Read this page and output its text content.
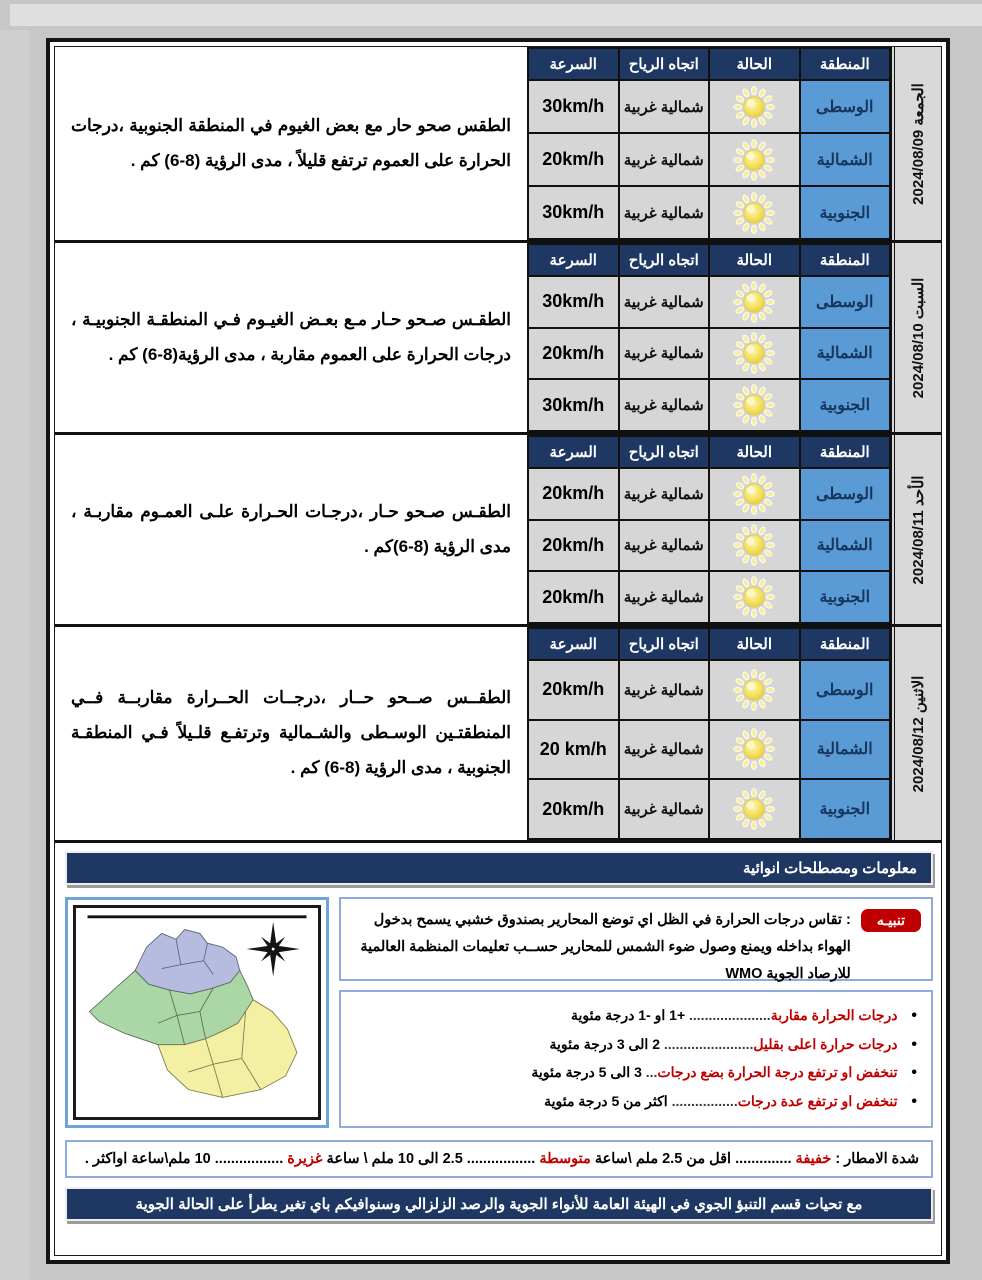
الجمعة 2024/08/09
المنطقة	الحالة	اتجاه الرياح	السرعة
الوسطى		شمالية غربية	30km/h
الشمالية		شمالية غربية	20km/h
الجنوبية		شمالية غربية	30km/h

الطقس صحو حار مع بعض الغيوم في المنطقة الجنوبية ،درجات الحرارة على العموم ترتفع قليلاً ، مدى الرؤية (8-6) كم .

السبت 2024/08/10
المنطقة	الحالة	اتجاه الرياح	السرعة
الوسطى		شمالية غربية	30km/h
الشمالية		شمالية غربية	20km/h
الجنوبية		شمالية غربية	30km/h

الطقـس صـحو حـار مـع بعـض الغيـوم فـي المنطقـة الجنوبيـة ، درجات الحرارة على العموم مقاربة ، مدى الرؤية(8-6) كم .

الأحد 2024/08/11
المنطقة	الحالة	اتجاه الرياح	السرعة
الوسطى		شمالية غربية	20km/h
الشمالية		شمالية غربية	20km/h
الجنوبية		شمالية غربية	20km/h

الطقـس صـحو حـار ،درجـات الحـرارة علـى العمـوم مقاربـة ، مدى الرؤية (8-6)كم .

الاثنين 2024/08/12
المنطقة	الحالة	اتجاه الرياح	السرعة
الوسطى		شمالية غربية	20km/h
الشمالية		شمالية غربية	20 km/h
الجنوبية		شمالية غربية	20km/h

الطقــس صــحو حــار ،درجــات الحــرارة مقاربــة فــي المنطقتـين الوسـطى والشـمالية وترتفـع قلـيلاً فـي المنطقـة الجنوبية ، مدى الرؤية (8-6) كم .

معلومات ومصطلحات انوائية
تنبيـه
: تقاس درجات الحرارة في الظل اي توضع المحارير بصندوق خشبي يسمح بدخول الهواء بداخله ويمنع وصول ضوء الشمس للمحارير حســب تعليمات المنظمة العالمية للارصاد الجوية WMO
• درجات الحرارة مقاربة..................... +1 او -1 درجة مئوية
• درجات حرارة اعلى بقليل....................... 2 الى 3 درجة مئوية
• تنخفض او ترتفع درجة الحرارة بضع درجات... 3 الى 5 درجة مئوية
• تنخفض او ترتفع عدة درجات................. اكثر من 5 درجة مئوية
شدة الامطار : خفيفة .............. اقل من 2.5 ملم \ساعة متوسطة ................. 2.5 الى 10 ملم \ ساعة غزيرة ................. 10 ملم\ساعة اواكثر .
مع تحيات قسم التنبؤ الجوي في الهيئة العامة للأنواء الجوية والرصد الزلزالي وسنوافيكم باي تغير يطرأ على الحالة الجوية
